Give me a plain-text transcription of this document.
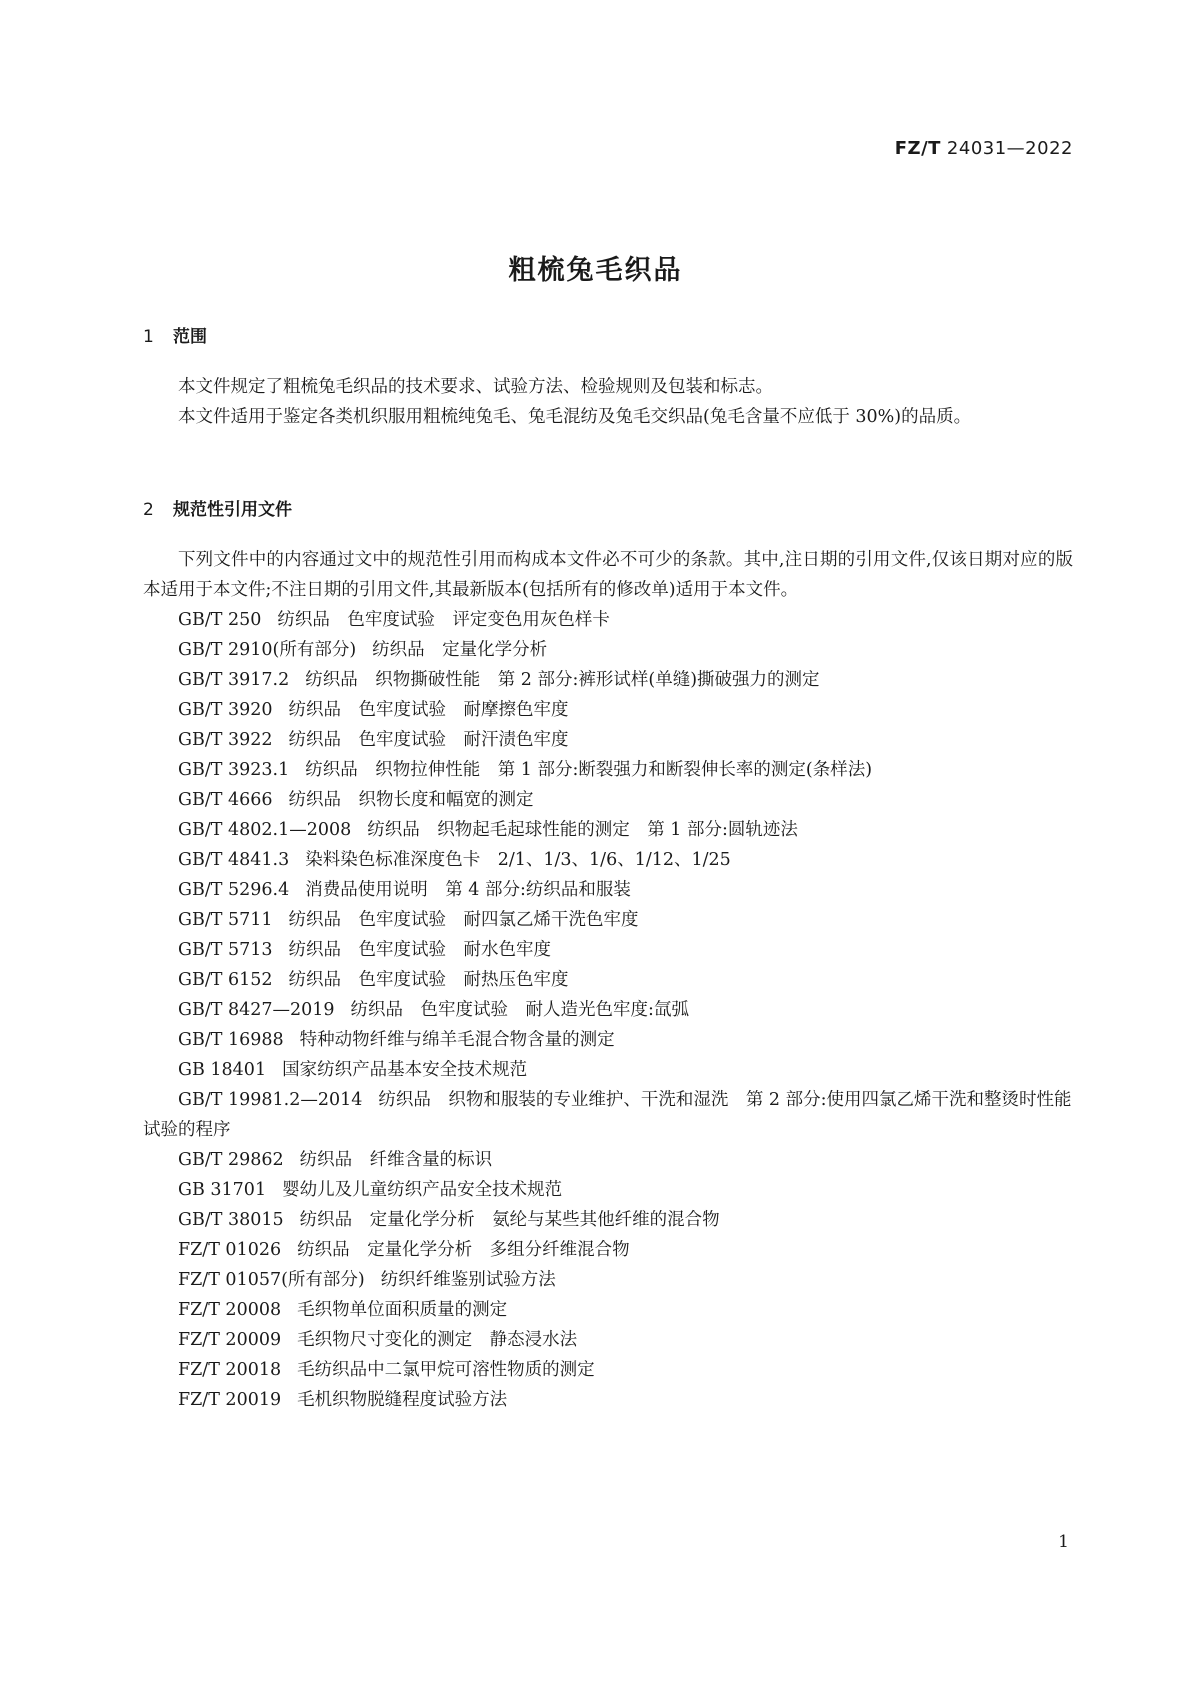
FZ/T 24031—2022
粗梳兔毛织品
1 范围

本文件规定了粗梳兔毛织品的技术要求、试验方法、检验规则及包装和标志。

本文件适用于鉴定各类机织服用粗梳纯兔毛、兔毛混纺及兔毛交织品(兔毛含量不应低于 30%)的品质。

2 规范性引用文件

下列文件中的内容通过文中的规范性引用而构成本文件必不可少的条款。其中,注日期的引用文件,仅该日期对应的版本适用于本文件;不注日期的引用文件,其最新版本(包括所有的修改单)适用于本文件。

GB/T 250 纺织品　色牢度试验　评定变色用灰色样卡
GB/T 2910(所有部分) 纺织品　定量化学分析
GB/T 3917.2 纺织品　织物撕破性能　第 2 部分:裤形试样(单缝)撕破强力的测定
GB/T 3920 纺织品　色牢度试验　耐摩擦色牢度
GB/T 3922 纺织品　色牢度试验　耐汗渍色牢度
GB/T 3923.1 纺织品　织物拉伸性能　第 1 部分:断裂强力和断裂伸长率的测定(条样法)
GB/T 4666 纺织品　织物长度和幅宽的测定
GB/T 4802.1—2008 纺织品　织物起毛起球性能的测定　第 1 部分:圆轨迹法
GB/T 4841.3 染料染色标准深度色卡　2/1、1/3、1/6、1/12、1/25
GB/T 5296.4 消费品使用说明　第 4 部分:纺织品和服装
GB/T 5711 纺织品　色牢度试验　耐四氯乙烯干洗色牢度
GB/T 5713 纺织品　色牢度试验　耐水色牢度
GB/T 6152 纺织品　色牢度试验　耐热压色牢度
GB/T 8427—2019 纺织品　色牢度试验　耐人造光色牢度:氙弧
GB/T 16988 特种动物纤维与绵羊毛混合物含量的测定
GB 18401 国家纺织产品基本安全技术规范
GB/T 19981.2—2014 纺织品　织物和服装的专业维护、干洗和湿洗　第 2 部分:使用四氯乙烯干洗和整烫时性能试验的程序
GB/T 29862 纺织品　纤维含量的标识
GB 31701 婴幼儿及儿童纺织产品安全技术规范
GB/T 38015 纺织品　定量化学分析　氨纶与某些其他纤维的混合物
FZ/T 01026 纺织品　定量化学分析　多组分纤维混合物
FZ/T 01057(所有部分) 纺织纤维鉴别试验方法
FZ/T 20008 毛织物单位面积质量的测定
FZ/T 20009 毛织物尺寸变化的测定　静态浸水法
FZ/T 20018 毛纺织品中二氯甲烷可溶性物质的测定
FZ/T 20019 毛机织物脱缝程度试验方法
1
